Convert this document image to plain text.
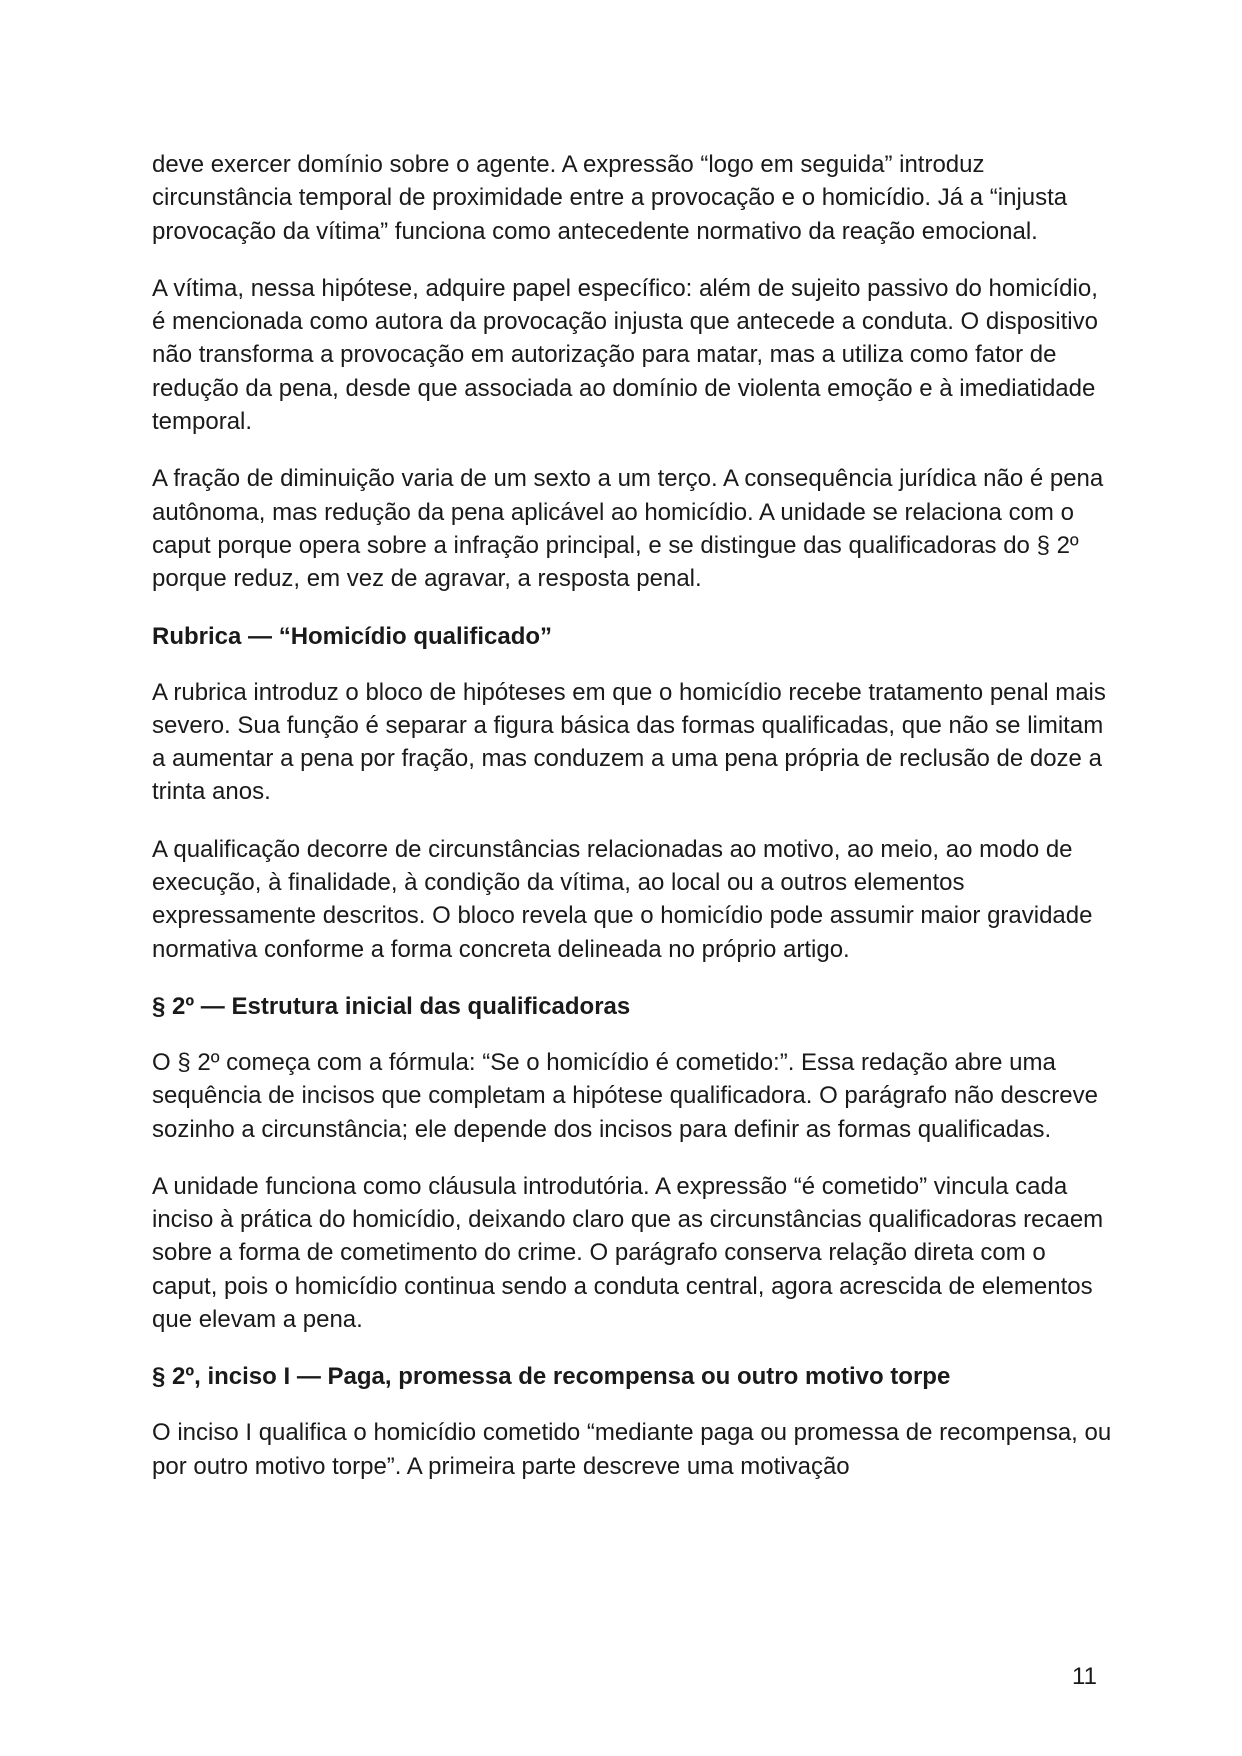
deve exercer domínio sobre o agente. A expressão “logo em seguida” introduz circunstância temporal de proximidade entre a provocação e o homicídio. Já a “injusta provocação da vítima” funciona como antecedente normativo da reação emocional.

A vítima, nessa hipótese, adquire papel específico: além de sujeito passivo do homicídio, é mencionada como autora da provocação injusta que antecede a conduta. O dispositivo não transforma a provocação em autorização para matar, mas a utiliza como fator de redução da pena, desde que associada ao domínio de violenta emoção e à imediatidade temporal.

A fração de diminuição varia de um sexto a um terço. A consequência jurídica não é pena autônoma, mas redução da pena aplicável ao homicídio. A unidade se relaciona com o caput porque opera sobre a infração principal, e se distingue das qualificadoras do § 2º porque reduz, em vez de agravar, a resposta penal.

Rubrica — “Homicídio qualificado”

A rubrica introduz o bloco de hipóteses em que o homicídio recebe tratamento penal mais severo. Sua função é separar a figura básica das formas qualificadas, que não se limitam a aumentar a pena por fração, mas conduzem a uma pena própria de reclusão de doze a trinta anos.

A qualificação decorre de circunstâncias relacionadas ao motivo, ao meio, ao modo de execução, à finalidade, à condição da vítima, ao local ou a outros elementos expressamente descritos. O bloco revela que o homicídio pode assumir maior gravidade normativa conforme a forma concreta delineada no próprio artigo.

§ 2º — Estrutura inicial das qualificadoras

O § 2º começa com a fórmula: “Se o homicídio é cometido:”. Essa redação abre uma sequência de incisos que completam a hipótese qualificadora. O parágrafo não descreve sozinho a circunstância; ele depende dos incisos para definir as formas qualificadas.

A unidade funciona como cláusula introdutória. A expressão “é cometido” vincula cada inciso à prática do homicídio, deixando claro que as circunstâncias qualificadoras recaem sobre a forma de cometimento do crime. O parágrafo conserva relação direta com o caput, pois o homicídio continua sendo a conduta central, agora acrescida de elementos que elevam a pena.

§ 2º, inciso I — Paga, promessa de recompensa ou outro motivo torpe

O inciso I qualifica o homicídio cometido “mediante paga ou promessa de recompensa, ou por outro motivo torpe”. A primeira parte descreve uma motivação

11
